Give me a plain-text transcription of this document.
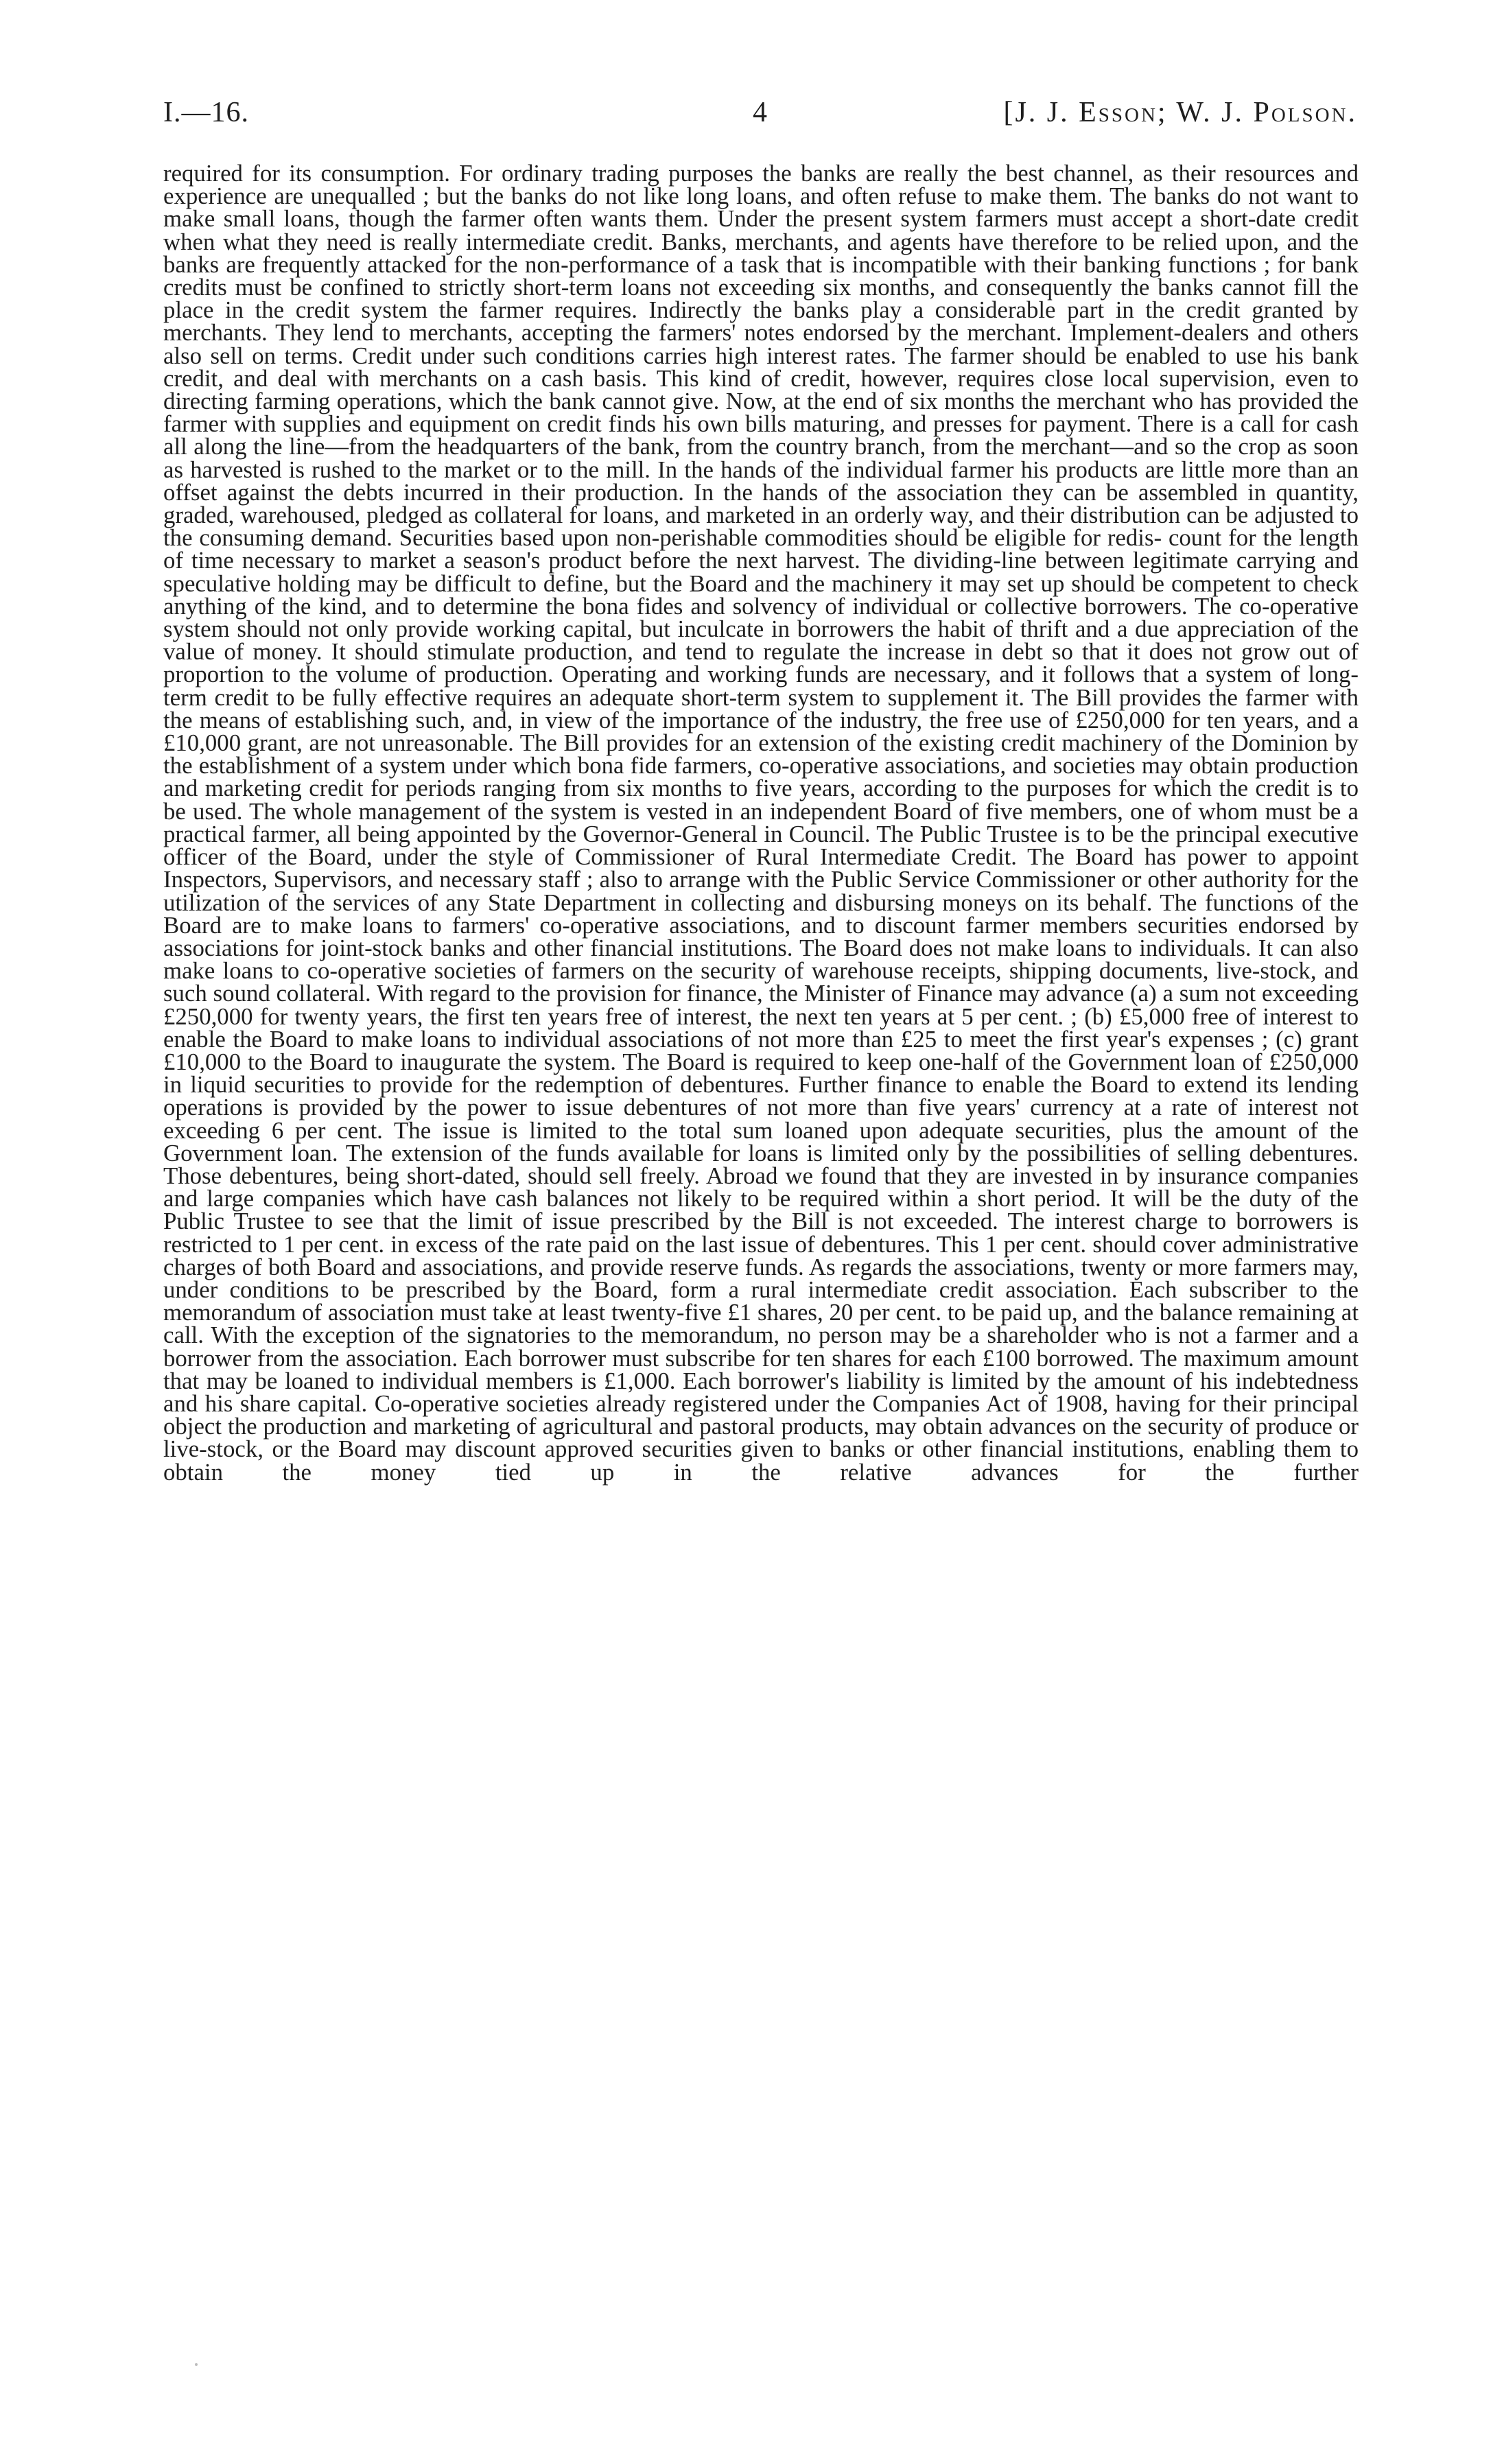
I.—16.	4	[J. J. Esson; W. J. Polson.

required for its consumption. For ordinary trading purposes the banks are really the best channel, as their resources and experience are unequalled ; but the banks do not like long loans, and often refuse to make them. The banks do not want to make small loans, though the farmer often wants them. Under the present system farmers must accept a short-date credit when what they need is really intermediate credit. Banks, merchants, and agents have therefore to be relied upon, and the banks are frequently attacked for the non-performance of a task that is incompatible with their banking functions ; for bank credits must be confined to strictly short-term loans not exceeding six months, and consequently the banks cannot fill the place in the credit system the farmer requires. Indirectly the banks play a considerable part in the credit granted by merchants. They lend to merchants, accepting the farmers' notes endorsed by the merchant. Implement-dealers and others also sell on terms. Credit under such conditions carries high interest rates. The farmer should be enabled to use his bank credit, and deal with merchants on a cash basis. This kind of credit, however, requires close local supervision, even to directing farming operations, which the bank cannot give. Now, at the end of six months the merchant who has provided the farmer with supplies and equipment on credit finds his own bills maturing, and presses for payment. There is a call for cash all along the line—from the headquarters of the bank, from the country branch, from the merchant—and so the crop as soon as harvested is rushed to the market or to the mill. In the hands of the individual farmer his products are little more than an offset against the debts incurred in their production. In the hands of the association they can be assembled in quantity, graded, warehoused, pledged as collateral for loans, and marketed in an orderly way, and their distribution can be adjusted to the consuming demand. Securities based upon non-perishable commodities should be eligible for redis- count for the length of time necessary to market a season's product before the next harvest. The dividing-line between legitimate carrying and speculative holding may be difficult to define, but the Board and the machinery it may set up should be competent to check anything of the kind, and to determine the bona fides and solvency of individual or collective borrowers. The co-operative system should not only provide working capital, but inculcate in borrowers the habit of thrift and a due appreciation of the value of money. It should stimulate production, and tend to regulate the increase in debt so that it does not grow out of proportion to the volume of production. Operating and working funds are necessary, and it follows that a system of long-term credit to be fully effective requires an adequate short-term system to supplement it. The Bill provides the farmer with the means of establishing such, and, in view of the importance of the industry, the free use of £250,000 for ten years, and a £10,000 grant, are not unreasonable. The Bill provides for an extension of the existing credit machinery of the Dominion by the establishment of a system under which bona fide farmers, co-operative associations, and societies may obtain production and marketing credit for periods ranging from six months to five years, according to the purposes for which the credit is to be used. The whole management of the system is vested in an independent Board of five members, one of whom must be a practical farmer, all being appointed by the Governor-General in Council. The Public Trustee is to be the principal executive officer of the Board, under the style of Commissioner of Rural Intermediate Credit. The Board has power to appoint Inspectors, Supervisors, and necessary staff ; also to arrange with the Public Service Commissioner or other authority for the utilization of the services of any State Department in collecting and disbursing moneys on its behalf. The functions of the Board are to make loans to farmers' co-operative associations, and to discount farmer members securities endorsed by associations for joint-stock banks and other financial institutions. The Board does not make loans to individuals. It can also make loans to co-operative societies of farmers on the security of warehouse receipts, shipping documents, live-stock, and such sound collateral. With regard to the provision for finance, the Minister of Finance may advance (a) a sum not exceeding £250,000 for twenty years, the first ten years free of interest, the next ten years at 5 per cent. ; (b) £5,000 free of interest to enable the Board to make loans to individual associations of not more than £25 to meet the first year's expenses ; (c) grant £10,000 to the Board to inaugurate the system. The Board is required to keep one-half of the Government loan of £250,000 in liquid securities to provide for the redemption of debentures. Further finance to enable the Board to extend its lending operations is provided by the power to issue debentures of not more than five years' currency at a rate of interest not exceeding 6 per cent. The issue is limited to the total sum loaned upon adequate securities, plus the amount of the Government loan. The extension of the funds available for loans is limited only by the possibilities of selling debentures. Those debentures, being short-dated, should sell freely. Abroad we found that they are invested in by insurance companies and large companies which have cash balances not likely to be required within a short period. It will be the duty of the Public Trustee to see that the limit of issue prescribed by the Bill is not exceeded. The interest charge to borrowers is restricted to 1 per cent. in excess of the rate paid on the last issue of debentures. This 1 per cent. should cover administrative charges of both Board and associations, and provide reserve funds. As regards the associations, twenty or more farmers may, under conditions to be prescribed by the Board, form a rural intermediate credit association. Each subscriber to the memorandum of association must take at least twenty-five £1 shares, 20 per cent. to be paid up, and the balance remaining at call. With the exception of the signatories to the memorandum, no person may be a shareholder who is not a farmer and a borrower from the association. Each borrower must subscribe for ten shares for each £100 borrowed. The maximum amount that may be loaned to individual members is £1,000. Each borrower's liability is limited by the amount of his indebtedness and his share capital. Co-operative societies already registered under the Companies Act of 1908, having for their principal object the production and marketing of agricultural and pastoral products, may obtain advances on the security of produce or live-stock, or the Board may discount approved securities given to banks or other financial institutions, enabling them to obtain the money tied up in the relative advances for the further
